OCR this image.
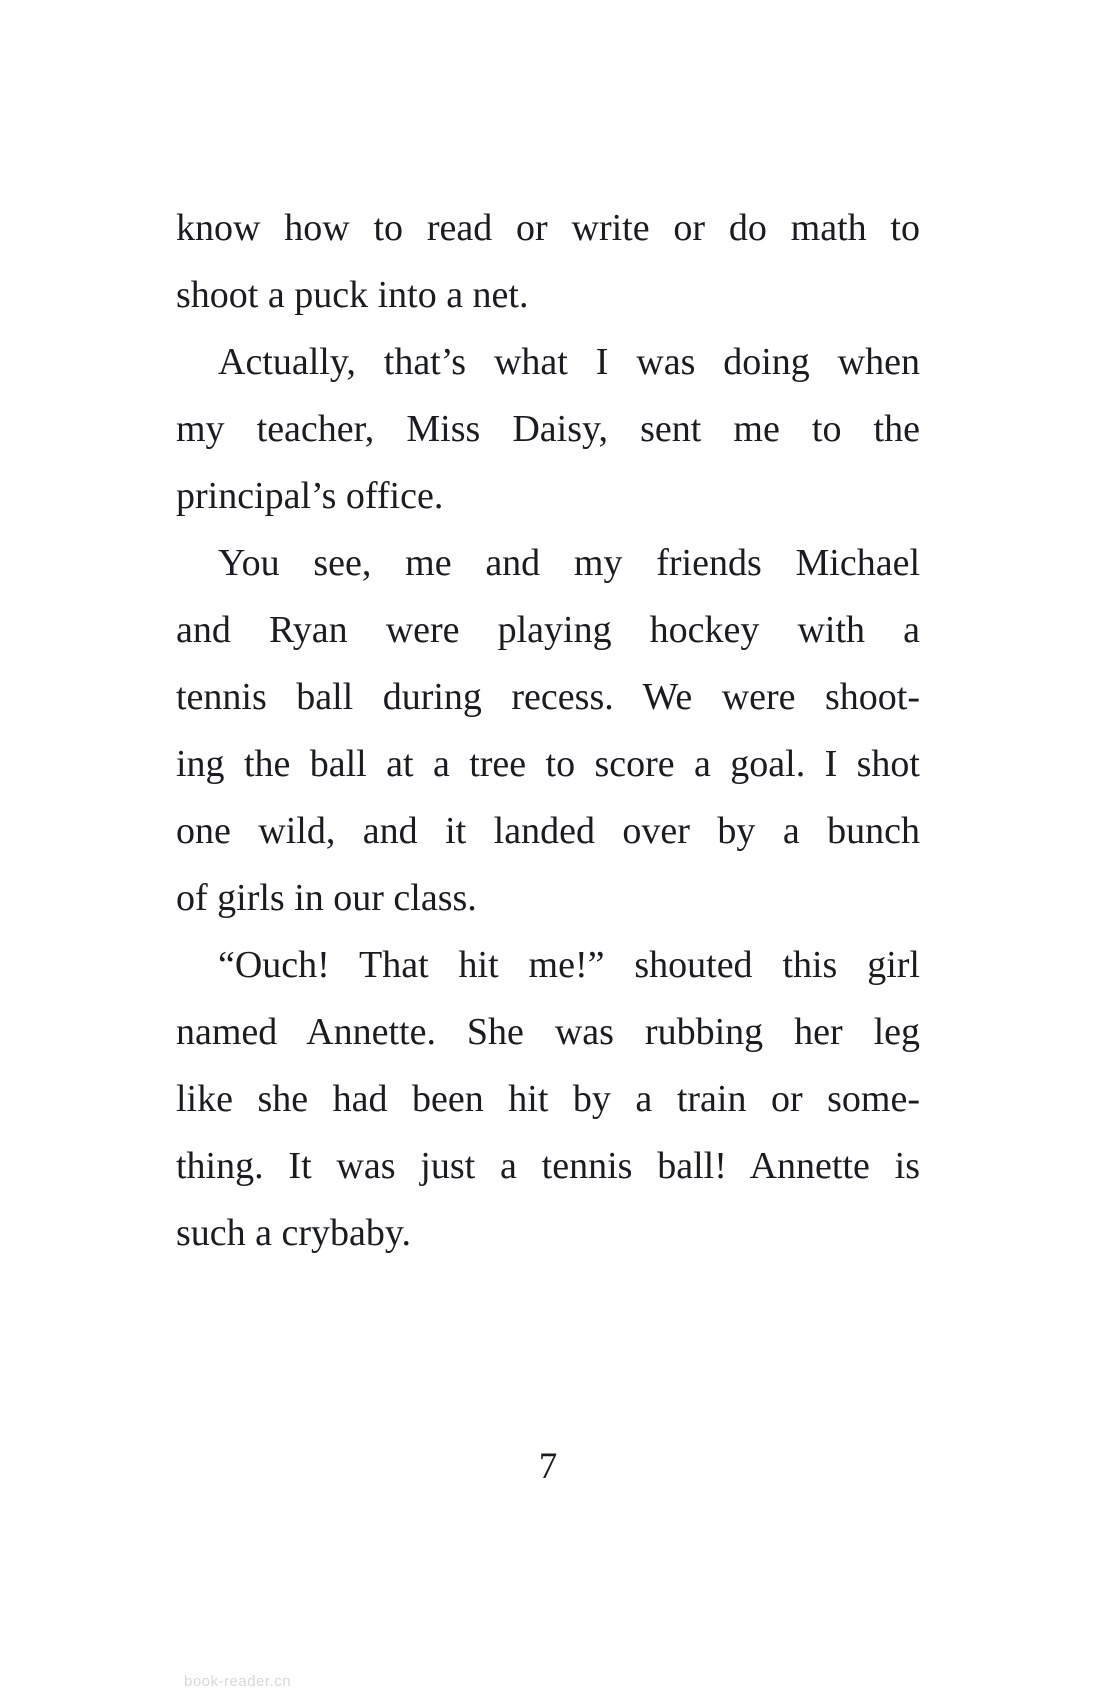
know how to read or write or do math to
shoot a puck into a net.
Actually, that’s what I was doing when
my teacher, Miss Daisy, sent me to the
principal’s office.
You see, me and my friends Michael
and Ryan were playing hockey with a
tennis ball during recess. We were shoot-
ing the ball at a tree to score a goal. I shot
one wild, and it landed over by a bunch
of girls in our class.
“Ouch! That hit me!” shouted this girl
named Annette. She was rubbing her leg
like she had been hit by a train or some-
thing. It was just a tennis ball! Annette is
such a crybaby.
7
book-reader.cn
